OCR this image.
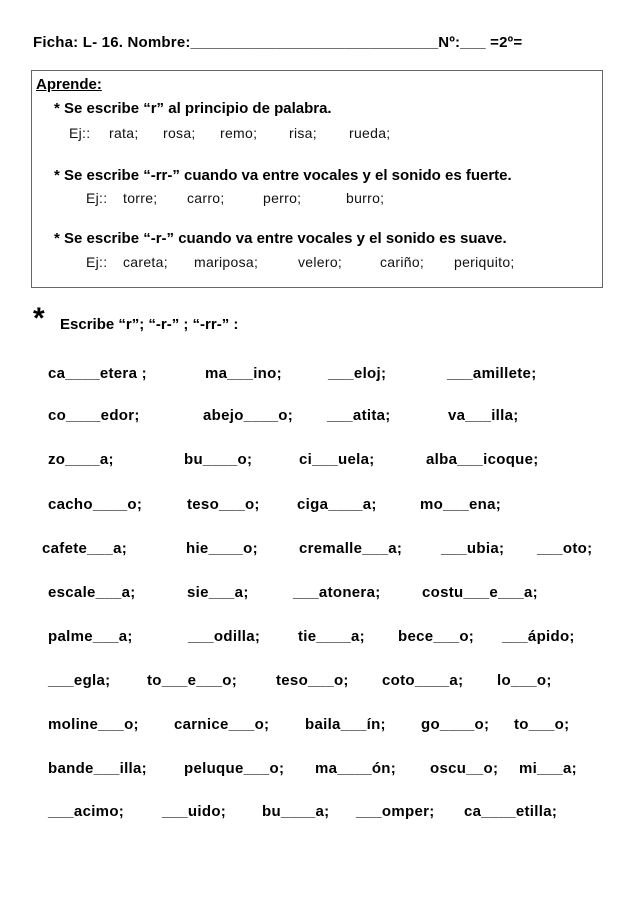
Ficha: L- 16. Nombre:_____________________________Nº:___ =2º=
Aprende:
* Se escribe “r” al principio de palabra.
Ej:: rata; rosa; remo; risa; rueda;
* Se escribe “-rr-” cuando va entre vocales y el sonido es fuerte.
Ej:: torre; carro;	perro;	burro;
* Se escribe “-r-” cuando va entre vocales y el sonido es suave.
Ej:: careta; mariposa;	velero;	cariño; periquito;
* Escribe “r”; “-r-” ; “-rr-” :
ca____etera ;	ma___ino;	___eloj;	___amillete;
co____edor;	abejo____o; ___atita;	va___illa;
zo____a;	bu____o;	ci___uela;	alba___icoque;
cacho____o;	teso___o; ciga____a;	mo___ena;
cafete___a;	hie____o;	cremalle___a;	___ubia; ___oto;
escale___a;	sie___a;	___atonera;	costu___e___a;
palme___a;	___odilla;	tie____a; bece___o; ___ápido;
___egla; to___e___o;	teso___o; coto____a; lo___o;
moline___o; carnice___o; baila___ín; go____o; to___o;
bande___illa; peluque___o; ma____ón; oscu__o; mi___a;
___acimo;	___uido; bu____a; ___omper; ca____etilla;
